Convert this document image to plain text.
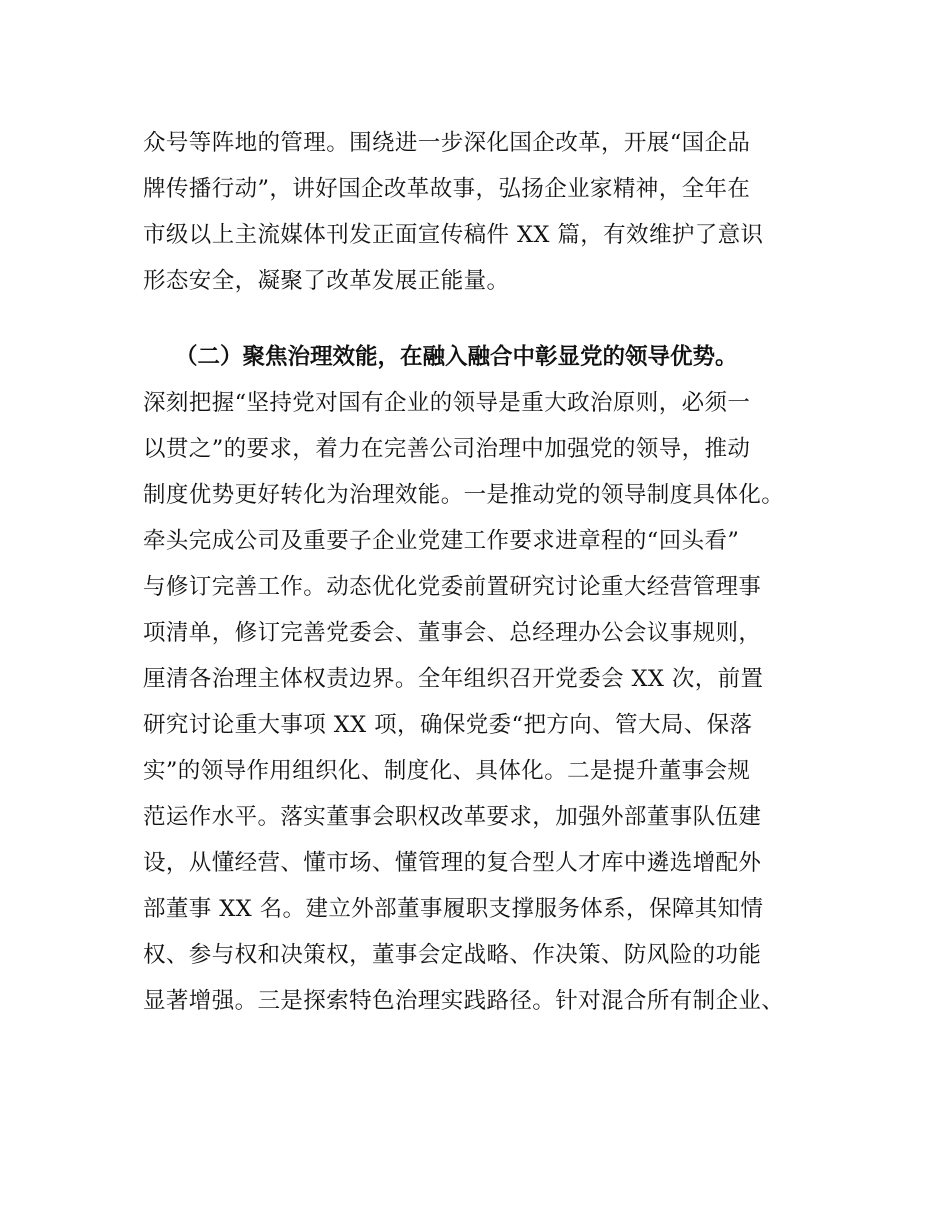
众号等阵地的管理。围绕进一步深化国企改革，开展“国企品
牌传播行动”，讲好国企改革故事，弘扬企业家精神，全年在
市级以上主流媒体刊发正面宣传稿件 XX 篇，有效维护了意识
形态安全，凝聚了改革发展正能量。
（二）聚焦治理效能，在融入融合中彰显党的领导优势。
深刻把握“坚持党对国有企业的领导是重大政治原则，必须一
以贯之”的要求，着力在完善公司治理中加强党的领导，推动
制度优势更好转化为治理效能。一是推动党的领导制度具体化。
牵头完成公司及重要子企业党建工作要求进章程的“回头看”
与修订完善工作。动态优化党委前置研究讨论重大经营管理事
项清单，修订完善党委会、董事会、总经理办公会议事规则，
厘清各治理主体权责边界。全年组织召开党委会 XX 次，前置
研究讨论重大事项 XX 项，确保党委“把方向、管大局、保落
实”的领导作用组织化、制度化、具体化。二是提升董事会规
范运作水平。落实董事会职权改革要求，加强外部董事队伍建
设，从懂经营、懂市场、懂管理的复合型人才库中遴选增配外
部董事 XX 名。建立外部董事履职支撑服务体系，保障其知情
权、参与权和决策权，董事会定战略、作决策、防风险的功能
显著增强。三是探索特色治理实践路径。针对混合所有制企业、
